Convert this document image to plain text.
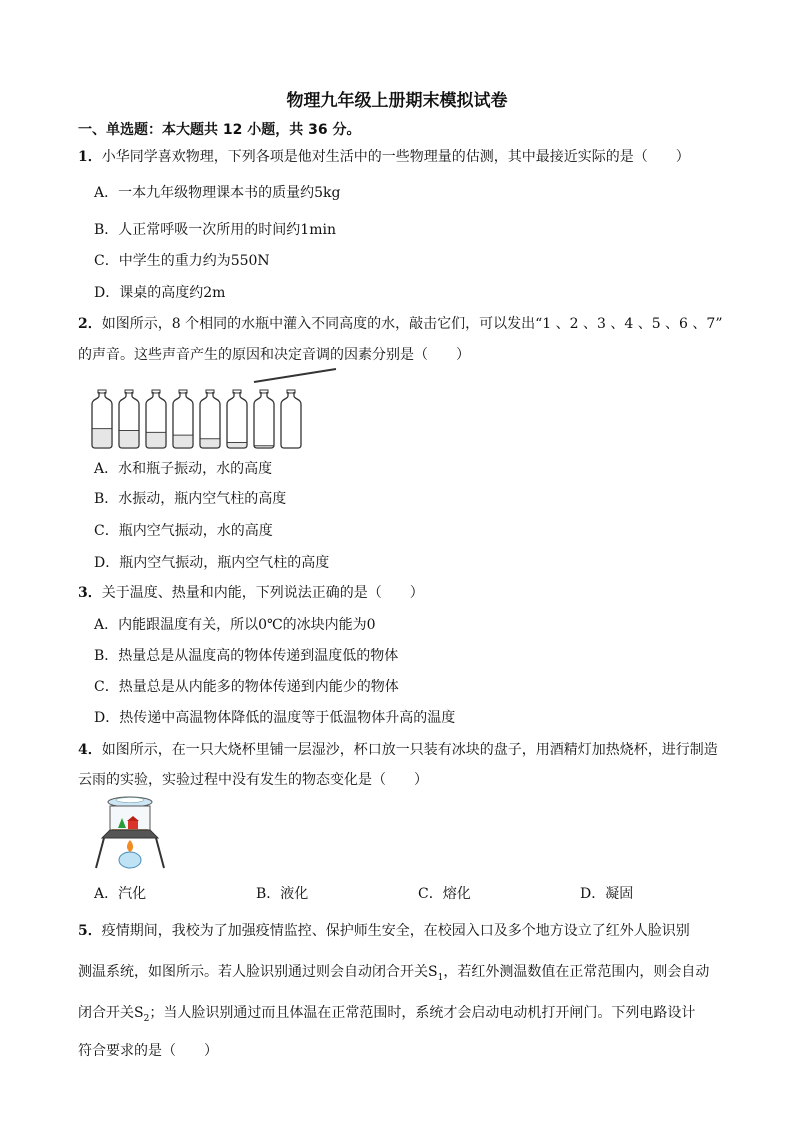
物理九年级上册期末模拟试卷
一、单选题：本大题共 12 小题，共 36 分。
1．小华同学喜欢物理，下列各项是他对生活中的一些物理量的估测，其中最接近实际的是（　　）
A．一本九年级物理课本书的质量约5kg
B．人正常呼吸一次所用的时间约1min
C．中学生的重力约为550N
D．课桌的高度约2m
2．如图所示，8 个相同的水瓶中灌入不同高度的水，敲击它们，可以发出“1 、2 、3 、4 、5 、6 、7”
的声音。这些声音产生的原因和决定音调的因素分别是（　　）
A．水和瓶子振动，水的高度
B．水振动，瓶内空气柱的高度
C．瓶内空气振动，水的高度
D．瓶内空气振动，瓶内空气柱的高度
3．关于温度、热量和内能，下列说法正确的是（　　）
A．内能跟温度有关，所以0℃的冰块内能为0
B．热量总是从温度高的物体传递到温度低的物体
C．热量总是从内能多的物体传递到内能少的物体
D．热传递中高温物体降低的温度等于低温物体升高的温度
4．如图所示，在一只大烧杯里铺一层湿沙，杯口放一只装有冰块的盘子，用酒精灯加热烧杯，进行制造
云雨的实验，实验过程中没有发生的物态变化是（　　）
A．汽化	B．液化	C．熔化	D．凝固
5．疫情期间，我校为了加强疫情监控、保护师生安全，在校园入口及多个地方设立了红外人脸识别
测温系统，如图所示。若人脸识别通过则会自动闭合开关$S_1$，若红外测温数值在正常范围内，则会自动
闭合开关$S_2$；当人脸识别通过而且体温在正常范围时，系统才会启动电动机打开闸门。下列电路设计
符合要求的是（　　）
